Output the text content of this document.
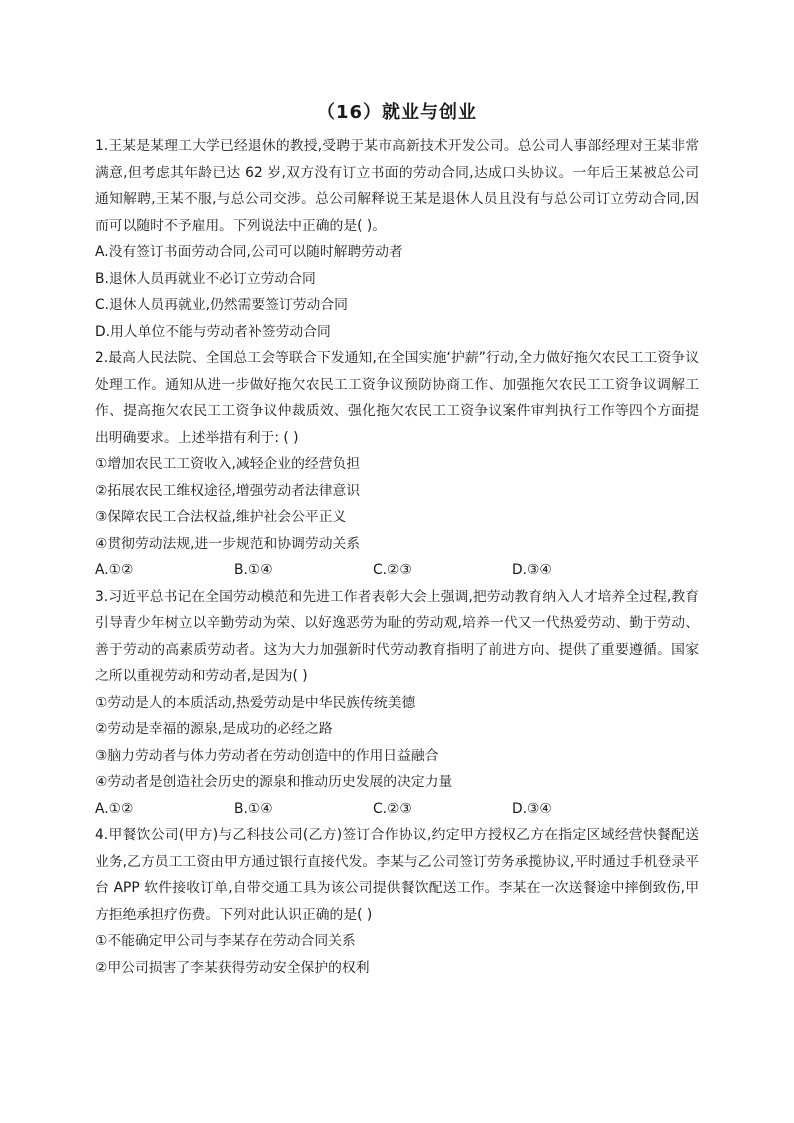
（16）就业与创业

1.王某是某理工大学已经退休的教授,受聘于某市高新技术开发公司。总公司人事部经理对王某非常满意,但考虑其年龄已达 62 岁,双方没有订立书面的劳动合同,达成口头协议。一年后王某被总公司通知解聘,王某不服,与总公司交涉。总公司解释说王某是退休人员且没有与总公司订立劳动合同,因而可以随时不予雇用。下列说法中正确的是( )。

A.没有签订书面劳动合同,公司可以随时解聘劳动者

B.退休人员再就业不必订立劳动合同

C.退休人员再就业,仍然需要签订劳动合同

D.用人单位不能与劳动者补签劳动合同

2.最高人民法院、全国总工会等联合下发通知,在全国实施‘护薪”行动,全力做好拖欠农民工工资争议处理工作。通知从进一步做好拖欠农民工工资争议预防协商工作、加强拖欠农民工工资争议调解工作、提高拖欠农民工工资争议仲裁质效、强化拖欠农民工工资争议案件审判执行工作等四个方面提出明确要求。上述举措有利于: ( )

①增加农民工工资收入,减轻企业的经营负担

②拓展农民工维权途径,增强劳动者法律意识

③保障农民工合法权益,维护社会公平正义

④贯彻劳动法规,进一步规范和协调劳动关系

A.①②	B.①④	C.②③	D.③④

3.习近平总书记在全国劳动模范和先进工作者表彰大会上强调,把劳动教育纳入人才培养全过程,教育引导青少年树立以辛勤劳动为荣、以好逸恶劳为耻的劳动观,培养一代又一代热爱劳动、勤于劳动、善于劳动的高素质劳动者。这为大力加强新时代劳动教育指明了前进方向、提供了重要遵循。国家之所以重视劳动和劳动者,是因为( )

①劳动是人的本质活动,热爱劳动是中华民族传统美德

②劳动是幸福的源泉,是成功的必经之路

③脑力劳动者与体力劳动者在劳动创造中的作用日益融合

④劳动者是创造社会历史的源泉和推动历史发展的决定力量

A.①②	B.①④	C.②③	D.③④

4.甲餐饮公司(甲方)与乙科技公司(乙方)签订合作协议,约定甲方授权乙方在指定区域经营快餐配送业务,乙方员工工资由甲方通过银行直接代发。李某与乙公司签订劳务承揽协议,平时通过手机登录平台 APP 软件接收订单,自带交通工具为该公司提供餐饮配送工作。李某在一次送餐途中摔倒致伤,甲方拒绝承担疗伤费。下列对此认识正确的是( )

①不能确定甲公司与李某存在劳动合同关系

②甲公司损害了李某获得劳动安全保护的权利
